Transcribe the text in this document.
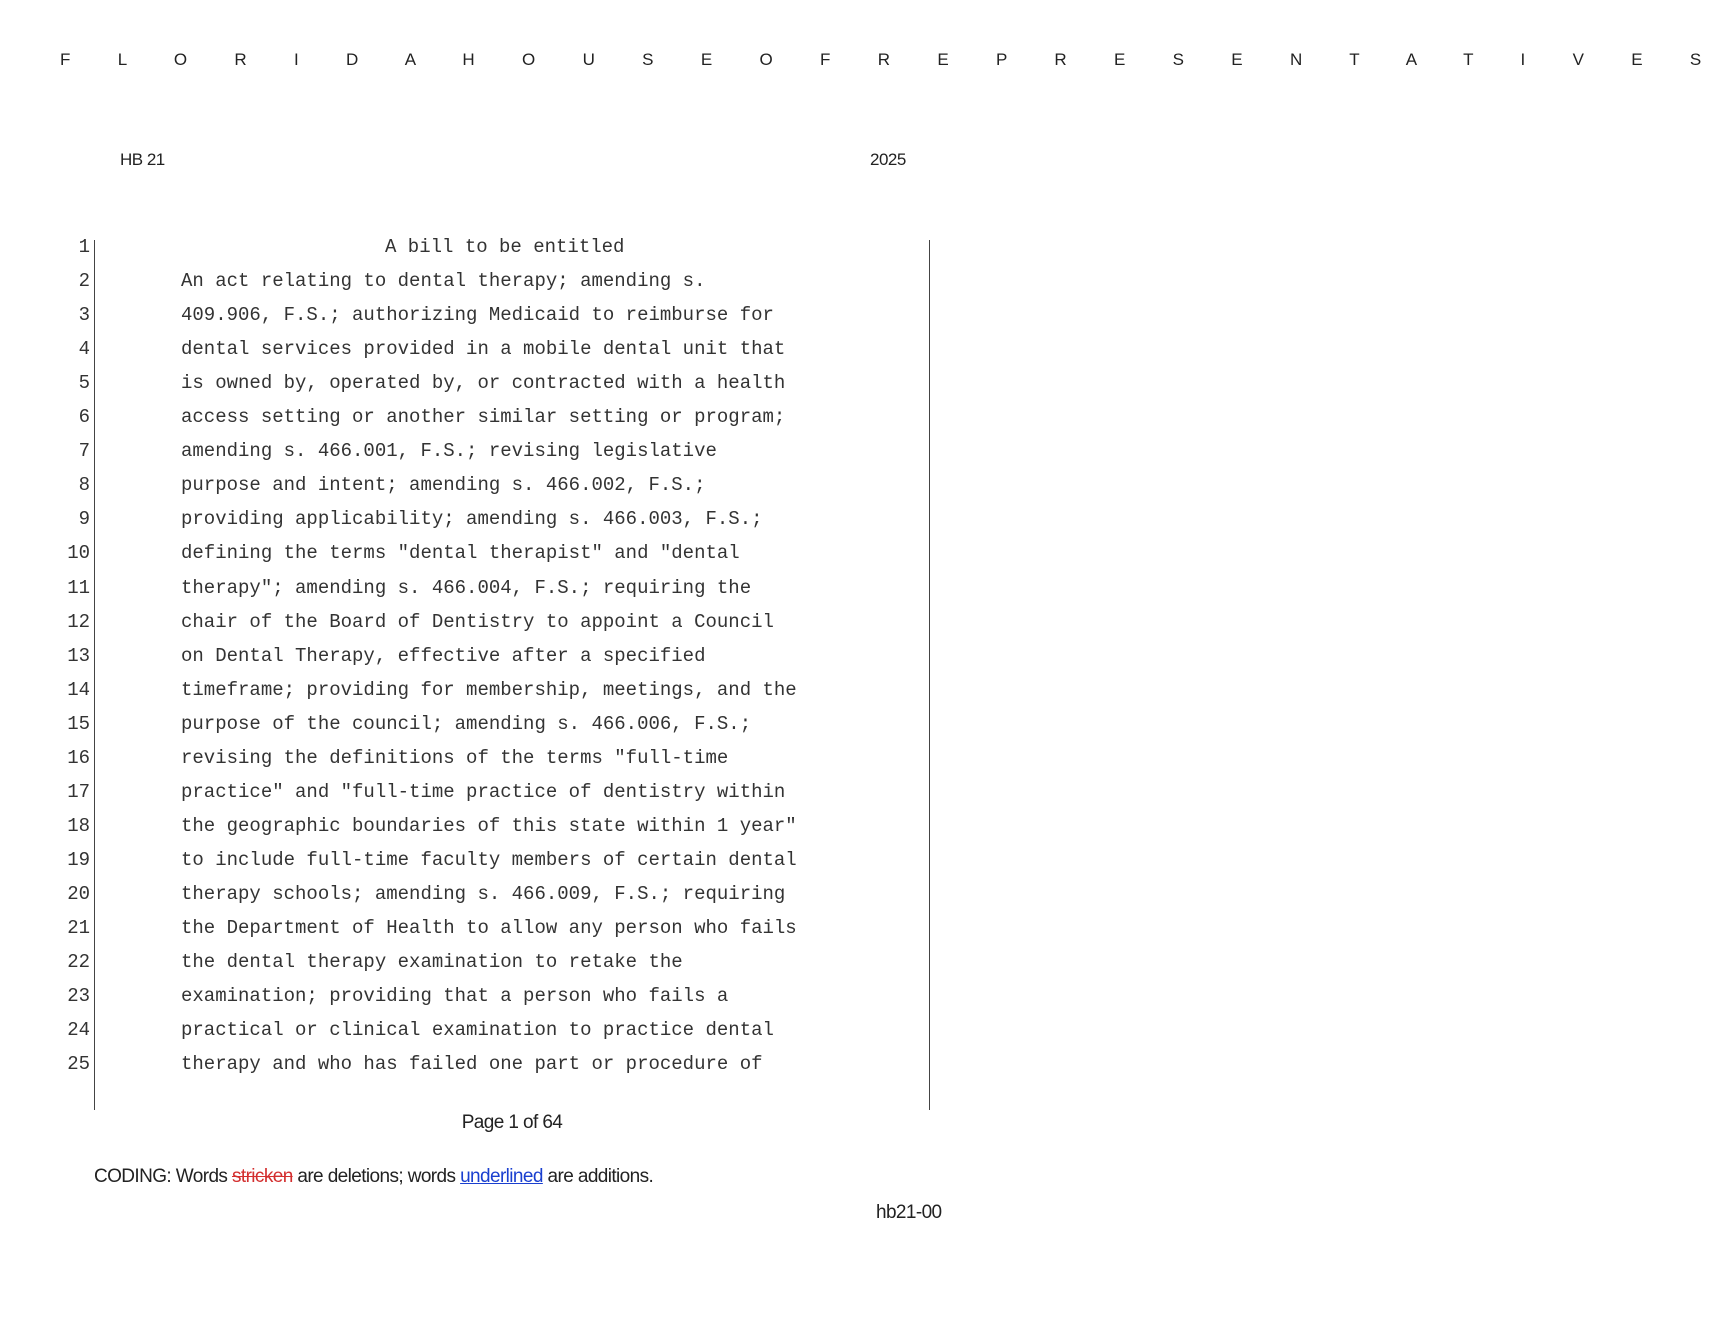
F L O R I D A H O U S E O F R E P R E S E N T A T I V E S
HB 21	2025
1	A bill to be entitled
2	An act relating to dental therapy; amending s.
3	409.906, F.S.; authorizing Medicaid to reimburse for
4	dental services provided in a mobile dental unit that
5	is owned by, operated by, or contracted with a health
6	access setting or another similar setting or program;
7	amending s. 466.001, F.S.; revising legislative
8	purpose and intent; amending s. 466.002, F.S.;
9	providing applicability; amending s. 466.003, F.S.;
10	defining the terms "dental therapist" and "dental
11	therapy"; amending s. 466.004, F.S.; requiring the
12	chair of the Board of Dentistry to appoint a Council
13	on Dental Therapy, effective after a specified
14	timeframe; providing for membership, meetings, and the
15	purpose of the council; amending s. 466.006, F.S.;
16	revising the definitions of the terms "full-time
17	practice" and "full-time practice of dentistry within
18	the geographic boundaries of this state within 1 year"
19	to include full-time faculty members of certain dental
20	therapy schools; amending s. 466.009, F.S.; requiring
21	the Department of Health to allow any person who fails
22	the dental therapy examination to retake the
23	examination; providing that a person who fails a
24	practical or clinical examination to practice dental
25	therapy and who has failed one part or procedure of
Page 1 of 64
CODING: Words stricken are deletions; words underlined are additions.
hb21-00
